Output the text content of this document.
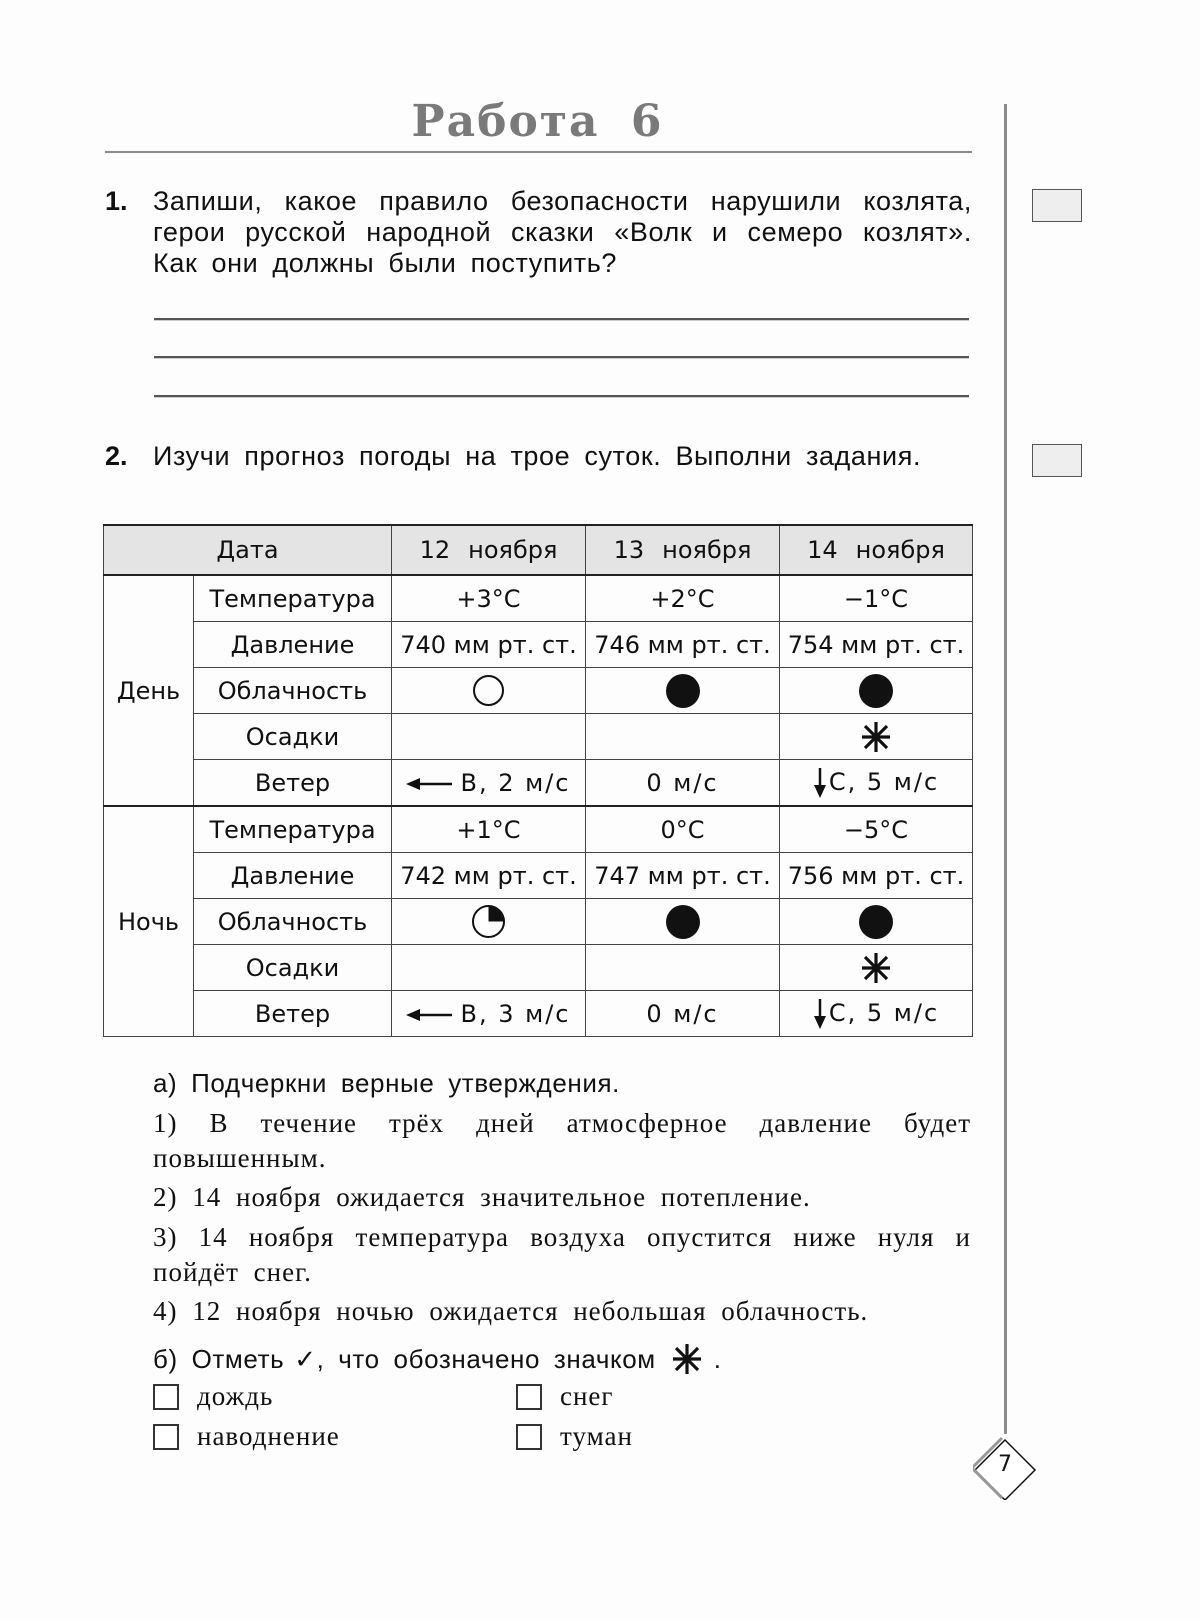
Работа 6
1. Запиши, какое правило безопасности нарушили козлята, герои русской народной сказки «Волк и семеро козлят». Как они должны были поступить?
2. Изучи прогноз погоды на трое суток. Выполни задания.
Дата		12 ноября	13 ноября	14 ноября
День	Температура	+3°C	+2°C	−1°C
	Давление	740 мм рт. ст.	746 мм рт. ст.	754 мм рт. ст.
	Облачность			
	Осадки			
	Ветер	В, 2 м/с	0 м/с	С, 5 м/с
Ночь	Температура	+1°C	0°C	−5°C
	Давление	742 мм рт. ст.	747 мм рт. ст.	756 мм рт. ст.
	Облачность			
	Осадки			
	Ветер	В, 3 м/с	0 м/с	С, 5 м/с
а) Подчеркни верные утверждения.
1) В течение трёх дней атмосферное давление будет повышенным.
2) 14 ноября ожидается значительное потепление.
3) 14 ноября температура воздуха опустится ниже нуля и пойдёт снег.
4) 12 ноября ночью ожидается небольшая облачность.
б) Отметь ✓ , что обозначено значком .
дождь	снег
наводнение	туман
7
